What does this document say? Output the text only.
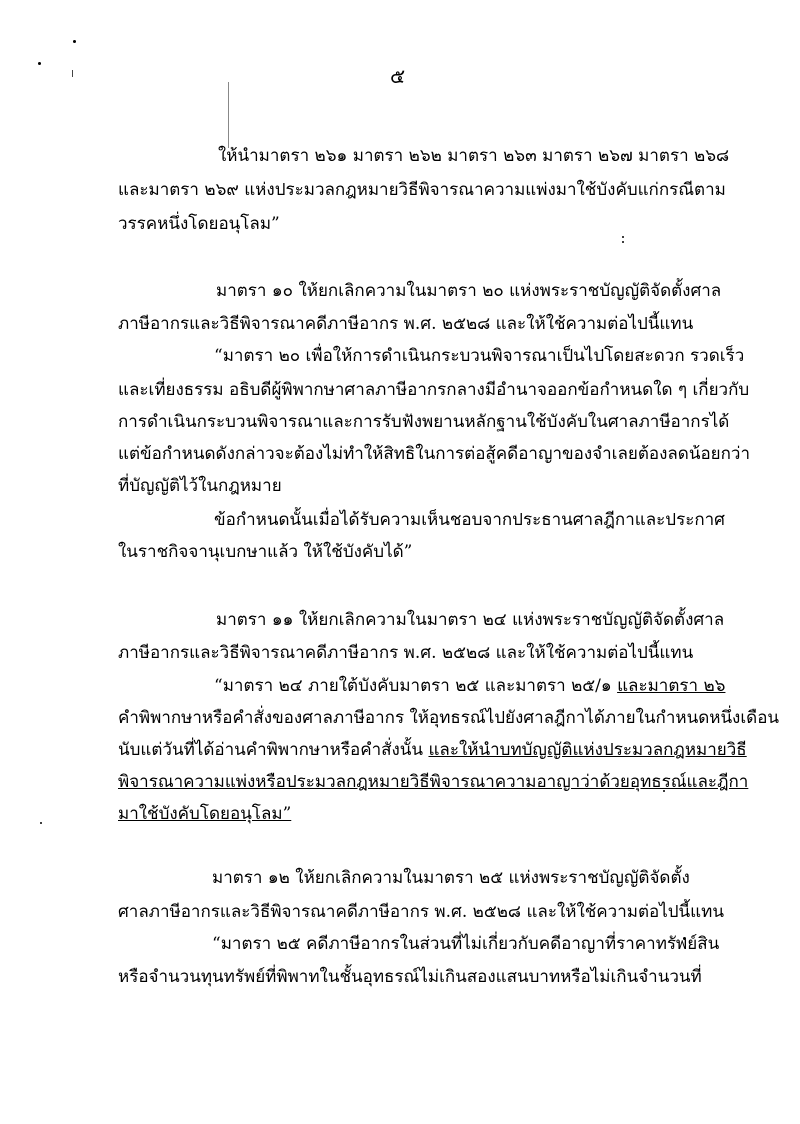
๕
ให้นำมาตรา ๒๖๑ มาตรา ๒๖๒ มาตรา ๒๖๓ มาตรา ๒๖๗ มาตรา ๒๖๘
และมาตรา ๒๖๙ แห่งประมวลกฎหมายวิธีพิจารณาความแพ่งมาใช้บังคับแก่กรณีตาม
วรรคหนึ่งโดยอนุโลม”
มาตรา ๑๐ ให้ยกเลิกความในมาตรา ๒๐ แห่งพระราชบัญญัติจัดตั้งศาล
ภาษีอากรและวิธีพิจารณาคดีภาษีอากร พ.ศ. ๒๕๒๘ และให้ใช้ความต่อไปนี้แทน
“มาตรา ๒๐ เพื่อให้การดำเนินกระบวนพิจารณาเป็นไปโดยสะดวก รวดเร็ว
และเที่ยงธรรม อธิบดีผู้พิพากษาศาลภาษีอากรกลางมีอำนาจออกข้อกำหนดใด ๆ เกี่ยวกับ
การดำเนินกระบวนพิจารณาและการรับฟังพยานหลักฐานใช้บังคับในศาลภาษีอากรได้
แต่ข้อกำหนดดังกล่าวจะต้องไม่ทำให้สิทธิในการต่อสู้คดีอาญาของจำเลยต้องลดน้อยกว่า
ที่บัญญัติไว้ในกฎหมาย
ข้อกำหนดนั้นเมื่อได้รับความเห็นชอบจากประธานศาลฎีกาและประกาศ
ในราชกิจจานุเบกษาแล้ว ให้ใช้บังคับได้”
มาตรา ๑๑ ให้ยกเลิกความในมาตรา ๒๔ แห่งพระราชบัญญัติจัดตั้งศาล
ภาษีอากรและวิธีพิจารณาคดีภาษีอากร พ.ศ. ๒๕๒๘ และให้ใช้ความต่อไปนี้แทน
“มาตรา ๒๔ ภายใต้บังคับมาตรา ๒๕ และมาตรา ๒๕/๑ และมาตรา ๒๖
คำพิพากษาหรือคำสั่งของศาลภาษีอากร ให้อุทธรณ์ไปยังศาลฎีกาได้ภายในกำหนดหนึ่งเดือน
นับแต่วันที่ได้อ่านคำพิพากษาหรือคำสั่งนั้น และให้นำบทบัญญัติแห่งประมวลกฎหมายวิธี
พิจารณาความแพ่งหรือประมวลกฎหมายวิธีพิจารณาความอาญาว่าด้วยอุทธรณ์และฎีกา
มาใช้บังคับโดยอนุโลม”
มาตรา ๑๒ ให้ยกเลิกความในมาตรา ๒๕ แห่งพระราชบัญญัติจัดตั้ง
ศาลภาษีอากรและวิธีพิจารณาคดีภาษีอากร พ.ศ. ๒๕๒๘ และให้ใช้ความต่อไปนี้แทน
“มาตรา ๒๕ คดีภาษีอากรในส่วนที่ไม่เกี่ยวกับคดีอาญาที่ราคาทรัพย์สิน
หรือจำนวนทุนทรัพย์ที่พิพาทในชั้นอุทธรณ์ไม่เกินสองแสนบาทหรือไม่เกินจำนวนที่
